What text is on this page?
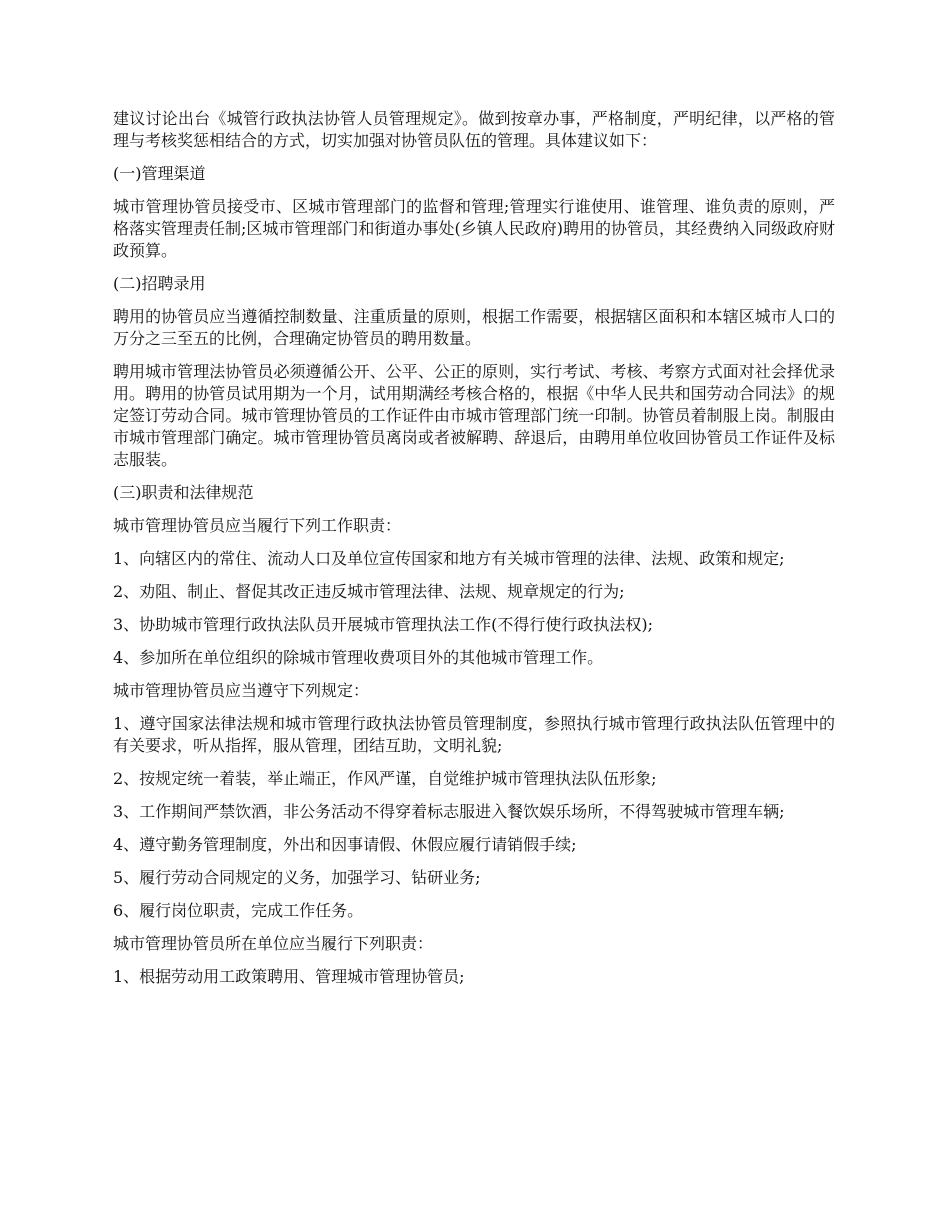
建议讨论出台《城管行政执法协管人员管理规定》。做到按章办事，严格制度，严明纪律，以严格的管理与考核奖惩相结合的方式，切实加强对协管员队伍的管理。具体建议如下：

(一)管理渠道

城市管理协管员接受市、区城市管理部门的监督和管理;管理实行谁使用、谁管理、谁负责的原则，严格落实管理责任制;区城市管理部门和街道办事处(乡镇人民政府)聘用的协管员，其经费纳入同级政府财政预算。

(二)招聘录用

聘用的协管员应当遵循控制数量、注重质量的原则，根据工作需要，根据辖区面积和本辖区城市人口的万分之三至五的比例，合理确定协管员的聘用数量。

聘用城市管理法协管员必须遵循公开、公平、公正的原则，实行考试、考核、考察方式面对社会择优录用。聘用的协管员试用期为一个月，试用期满经考核合格的，根据《中华人民共和国劳动合同法》的规定签订劳动合同。城市管理协管员的工作证件由市城市管理部门统一印制。协管员着制服上岗。制服由市城市管理部门确定。城市管理协管员离岗或者被解聘、辞退后，由聘用单位收回协管员工作证件及标志服装。

(三)职责和法律规范

城市管理协管员应当履行下列工作职责：

1、向辖区内的常住、流动人口及单位宣传国家和地方有关城市管理的法律、法规、政策和规定;

2、劝阻、制止、督促其改正违反城市管理法律、法规、规章规定的行为;

3、协助城市管理行政执法队员开展城市管理执法工作(不得行使行政执法权);

4、参加所在单位组织的除城市管理收费项目外的其他城市管理工作。

城市管理协管员应当遵守下列规定：

1、遵守国家法律法规和城市管理行政执法协管员管理制度，参照执行城市管理行政执法队伍管理中的有关要求，听从指挥，服从管理，团结互助，文明礼貌;

2、按规定统一着装，举止端正，作风严谨，自觉维护城市管理执法队伍形象;

3、工作期间严禁饮酒，非公务活动不得穿着标志服进入餐饮娱乐场所，不得驾驶城市管理车辆;

4、遵守勤务管理制度，外出和因事请假、休假应履行请销假手续;

5、履行劳动合同规定的义务，加强学习、钻研业务;

6、履行岗位职责，完成工作任务。

城市管理协管员所在单位应当履行下列职责：

1、根据劳动用工政策聘用、管理城市管理协管员;
